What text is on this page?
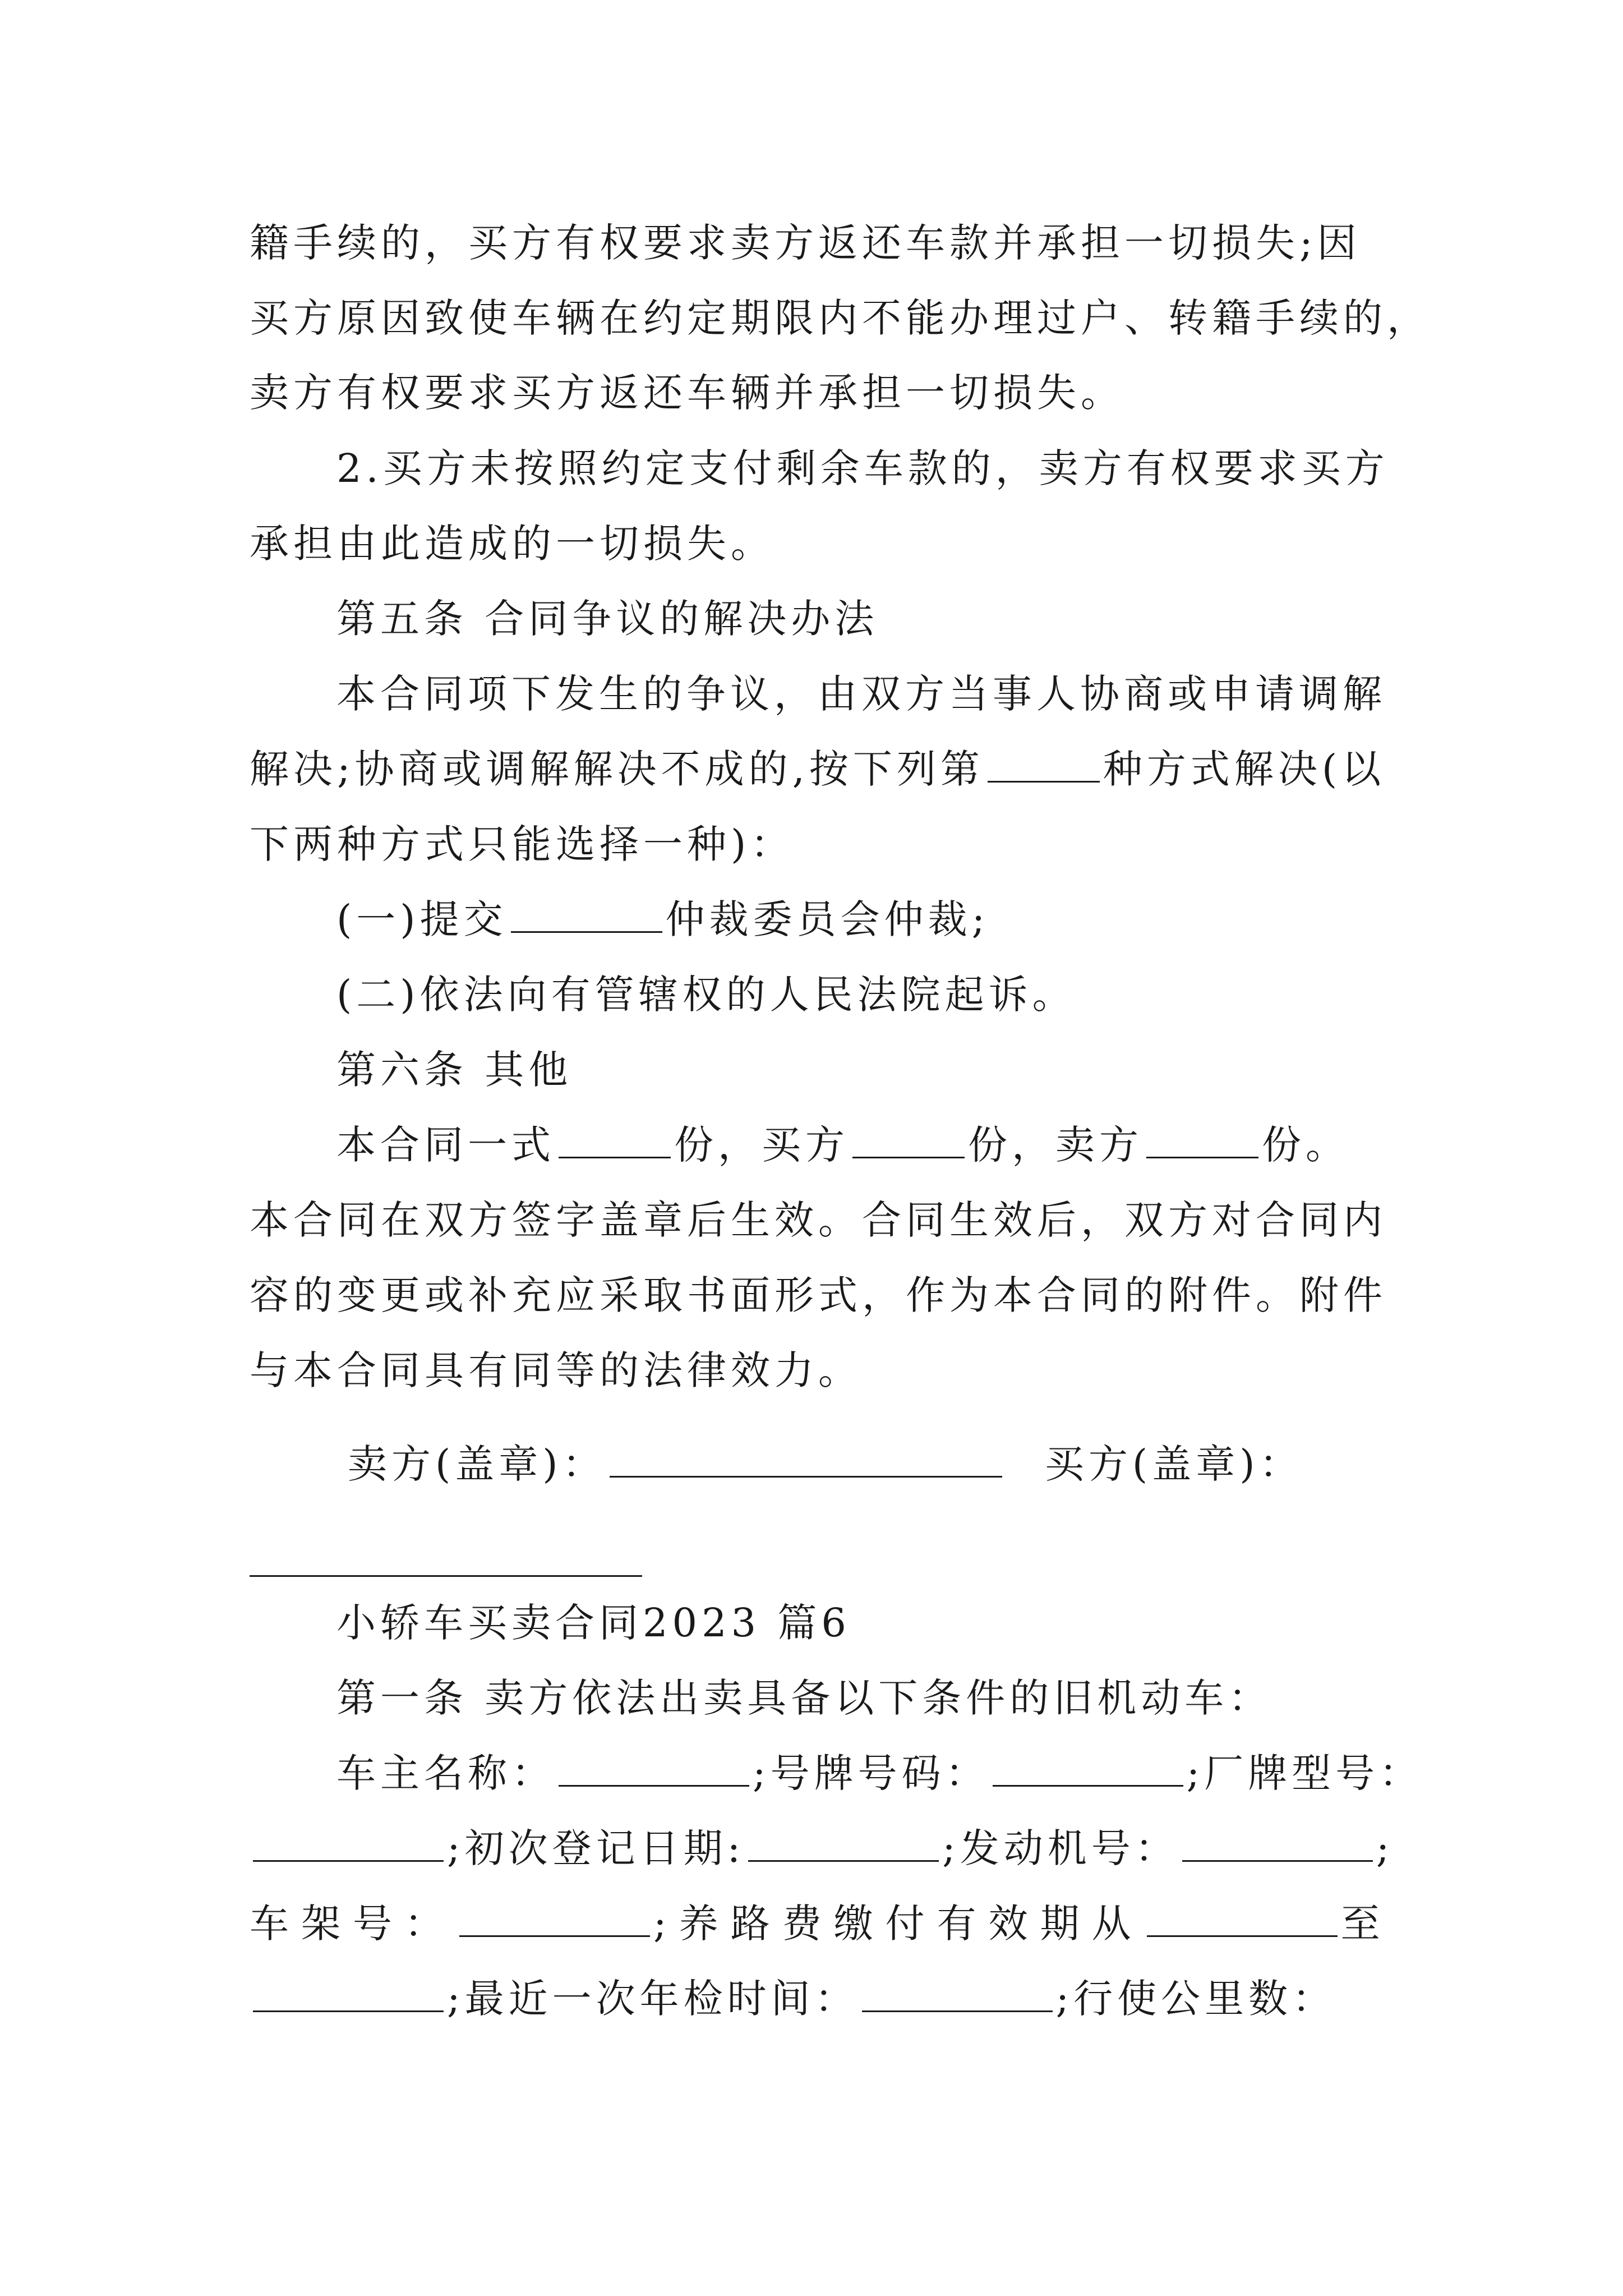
籍手续的，买方有权要求卖方返还车款并承担一切损失;因
买方原因致使车辆在约定期限内不能办理过户、转籍手续的，
卖方有权要求买方返还车辆并承担一切损失。
2.买方未按照约定支付剩余车款的，卖方有权要求买方
承担由此造成的一切损失。
第五条 合同争议的解决办法
本合同项下发生的争议，由双方当事人协商或申请调解
解决;协商或调解解决不成的,按下列第	种方式解决(以
下两种方式只能选择一种)：
(一)提交	仲裁委员会仲裁;
(二)依法向有管辖权的人民法院起诉。
第六条 其他
本合同一式	份，买方	份，卖方	份。
本合同在双方签字盖章后生效。合同生效后，双方对合同内
容的变更或补充应采取书面形式，作为本合同的附件。附件
与本合同具有同等的法律效力。
卖方(盖章)：	买方(盖章)：
小轿车买卖合同2023 篇6
第一条 卖方依法出卖具备以下条件的旧机动车：
车主名称：	;号牌号码：	;厂牌型号：
;初次登记日期:	;发动机号：	;
车架号：	;养路费缴付有效期从	至
;最近一次年检时间：	;行使公里数：
